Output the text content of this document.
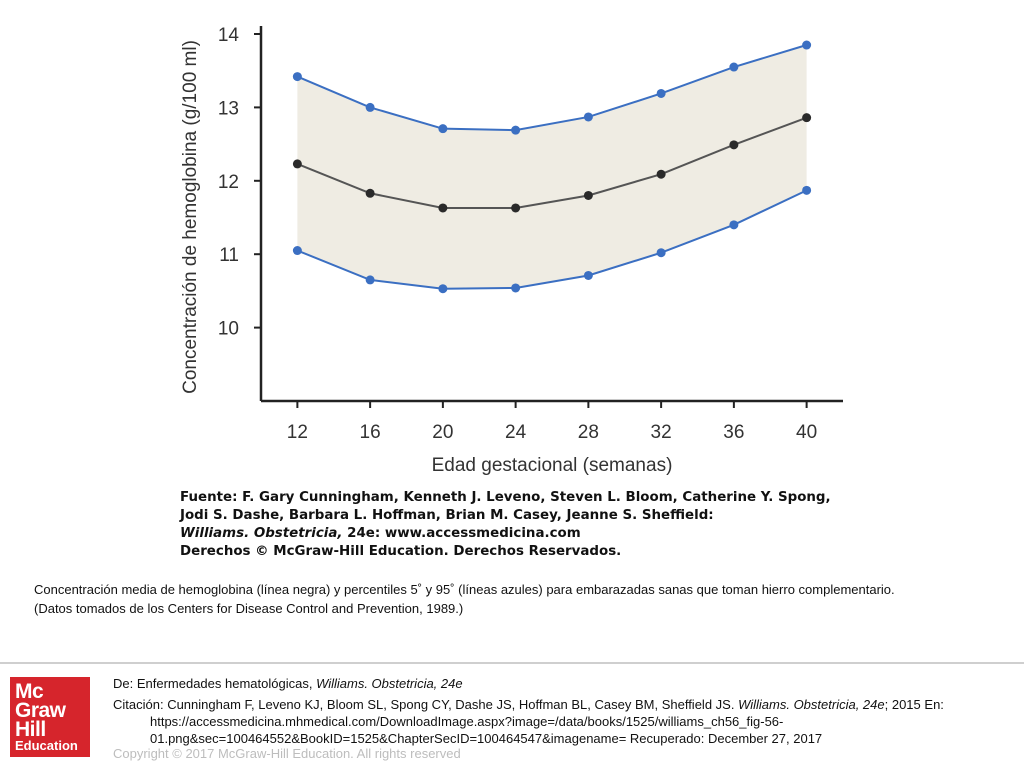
10
11
12
13
14
12	16	20	24	28	32	36	40
Concentración de hemoglobina (g/100 ml)
Edad gestacional (semanas)
Fuente: F. Gary Cunningham, Kenneth J. Leveno, Steven L. Bloom, Catherine Y. Spong,
Jodi S. Dashe, Barbara L. Hoffman, Brian M. Casey, Jeanne S. Sheffield:
Williams. Obstetricia, 24e: www.accessmedicina.com
Derechos © McGraw-Hill Education. Derechos Reservados.
Concentración media de hemoglobina (línea negra) y percentiles 5˚ y 95˚ (líneas azules) para embarazadas sanas que toman hierro complementario.
(Datos tomados de los Centers for Disease Control and Prevention, 1989.)
Mc
Graw
Hill
Education
De: Enfermedades hematológicas, Williams. Obstetricia, 24e
Citación: Cunningham F, Leveno KJ, Bloom SL, Spong CY, Dashe JS, Hoffman BL, Casey BM, Sheffield JS. Williams. Obstetricia, 24e; 2015 En: https://accessmedicina.mhmedical.com/DownloadImage.aspx?image=/data/books/1525/williams_ch56_fig-56-01.png&sec=100464552&BookID=1525&ChapterSecID=100464547&imagename= Recuperado: December 27, 2017
Copyright © 2017 McGraw-Hill Education. All rights reserved
